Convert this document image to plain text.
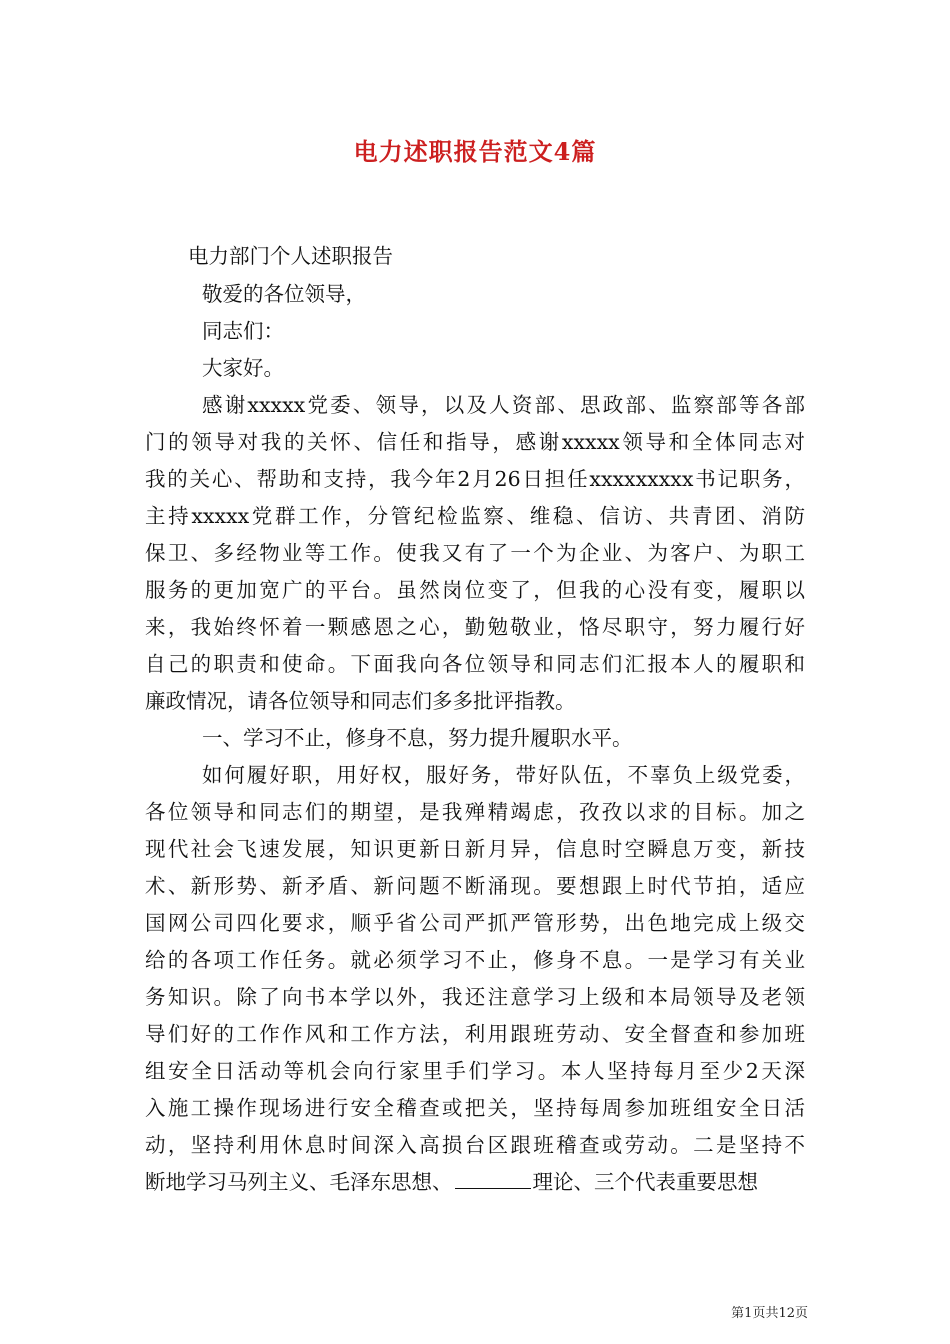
电力述职报告范文4篇
电力部门个人述职报告
敬爱的各位领导，
同志们：
大家好。
感谢xxxxx党委、领导，以及人资部、思政部、监察部等各部
门的领导对我的关怀、信任和指导，感谢xxxxx领导和全体同志对
我的关心、帮助和支持，我今年2月26日担任xxxxxxxxx书记职务，
主持xxxxx党群工作，分管纪检监察、维稳、信访、共青团、消防
保卫、多经物业等工作。使我又有了一个为企业、为客户、为职工
服务的更加宽广的平台。虽然岗位变了，但我的心没有变，履职以
来，我始终怀着一颗感恩之心，勤勉敬业，恪尽职守，努力履行好
自己的职责和使命。下面我向各位领导和同志们汇报本人的履职和
廉政情况，请各位领导和同志们多多批评指教。
一、学习不止，修身不息，努力提升履职水平。
如何履好职，用好权，服好务，带好队伍，不辜负上级党委，
各位领导和同志们的期望，是我殚精竭虑，孜孜以求的目标。加之
现代社会飞速发展，知识更新日新月异，信息时空瞬息万变，新技
术、新形势、新矛盾、新问题不断涌现。要想跟上时代节拍，适应
国网公司四化要求，顺乎省公司严抓严管形势，出色地完成上级交
给的各项工作任务。就必须学习不止，修身不息。一是学习有关业
务知识。除了向书本学以外，我还注意学习上级和本局领导及老领
导们好的工作作风和工作方法，利用跟班劳动、安全督查和参加班
组安全日活动等机会向行家里手们学习。本人坚持每月至少2天深
入施工操作现场进行安全稽查或把关，坚持每周参加班组安全日活
动，坚持利用休息时间深入高损台区跟班稽查或劳动。二是坚持不
断地学习马列主义、毛泽东思想、	理论、三个代表重要思想
第1页共12页
